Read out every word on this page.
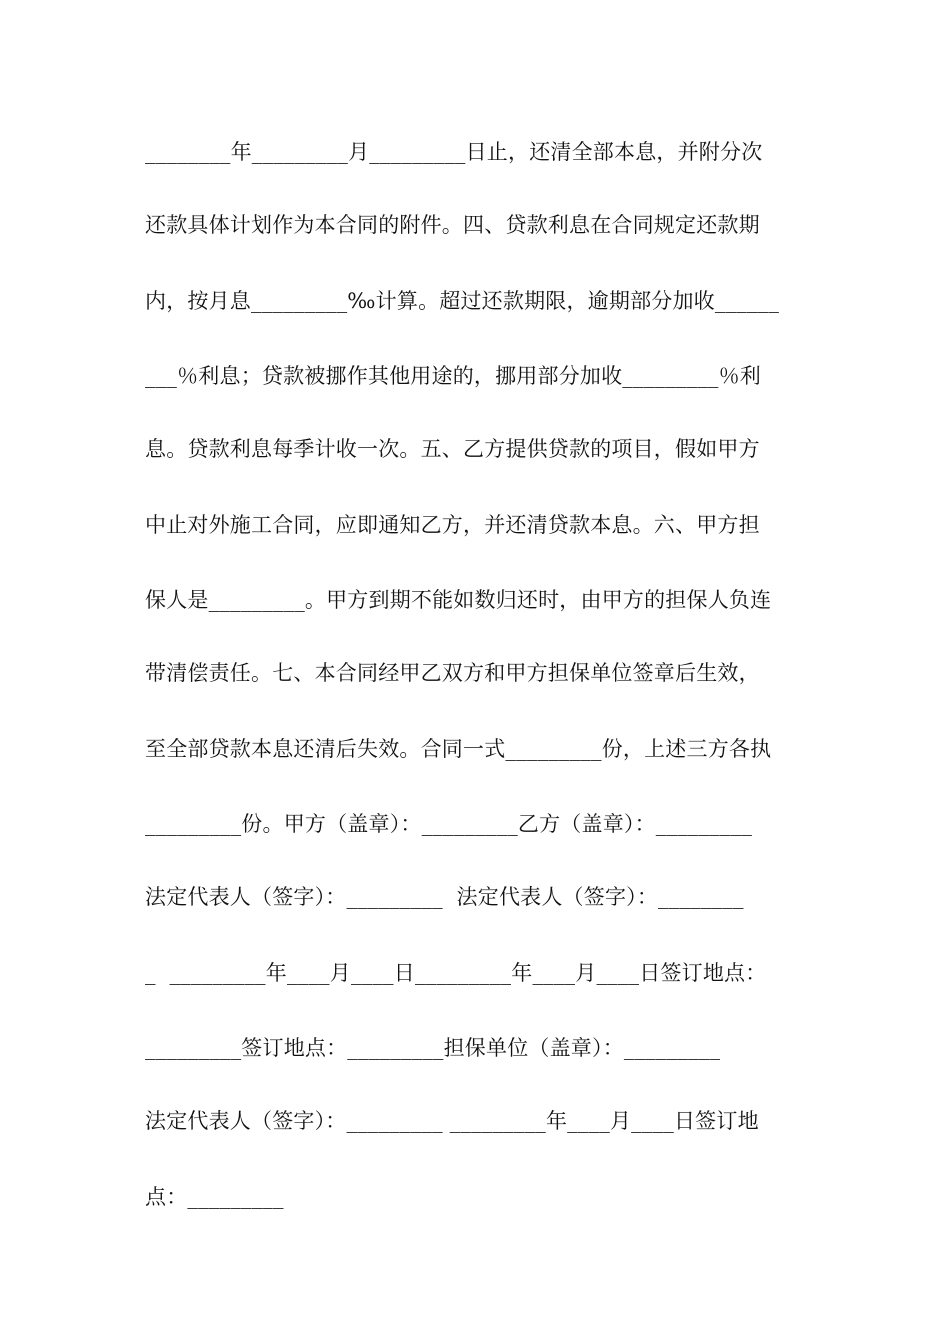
________年_________月_________日止，还清全部本息，并附分次

还款具体计划作为本合同的附件。四、贷款利息在合同规定还款期

内，按月息_________‰计算。超过还款期限，逾期部分加收______

___％利息；贷款被挪作其他用途的，挪用部分加收_________％利

息。贷款利息每季计收一次。五、乙方提供贷款的项目，假如甲方

中止对外施工合同，应即通知乙方，并还清贷款本息。六、甲方担

保人是_________。甲方到期不能如数归还时，由甲方的担保人负连

带清偿责任。七、本合同经甲乙双方和甲方担保单位签章后生效，

至全部贷款本息还清后失效。合同一式_________份，上述三方各执

_________份。甲方（盖章）：_________乙方（盖章）：_________

法定代表人（签字）：_________  法定代表人（签字）：________

_  _________年____月____日_________年____月____日签订地点：

_________签订地点：_________担保单位（盖章）：_________

法定代表人（签字）：_________ _________年____月____日签订地

点：_________
